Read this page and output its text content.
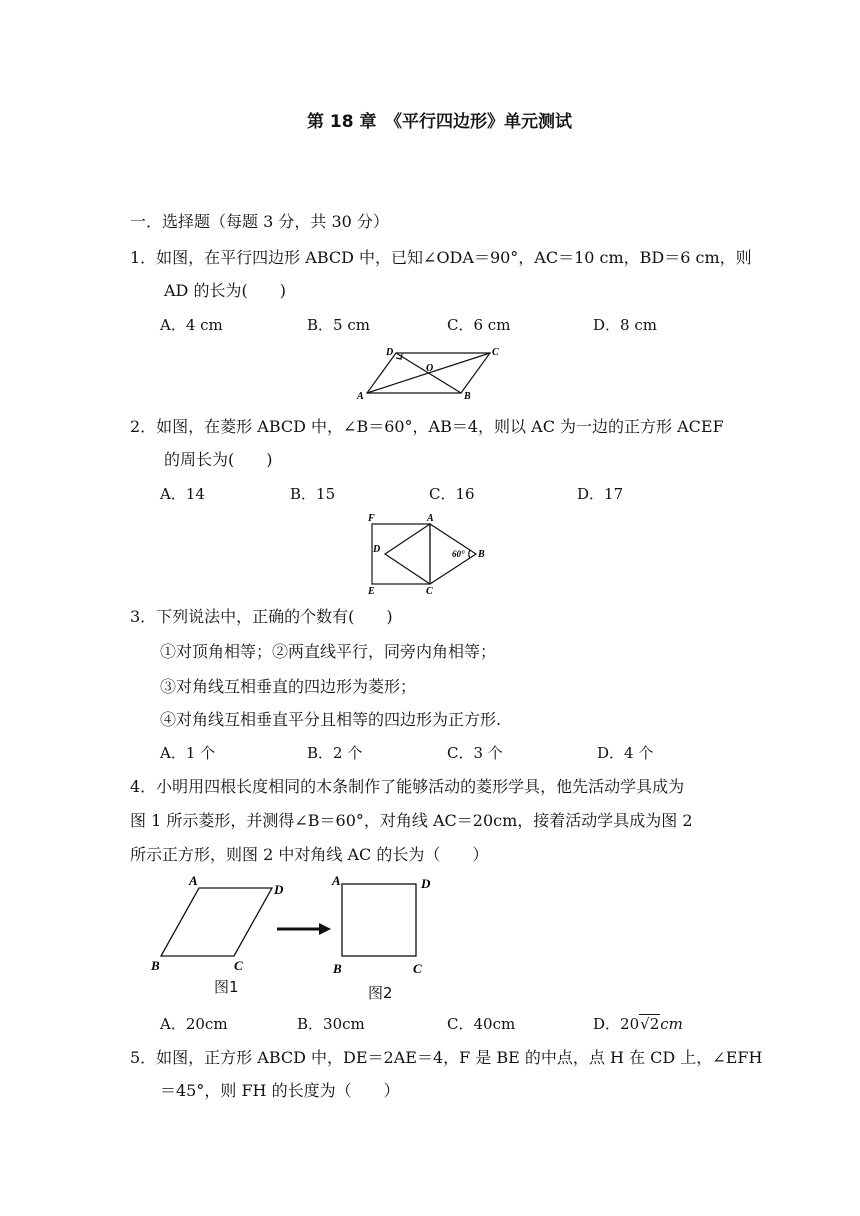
第 18 章　《平行四边形》单元测试
一．选择题（每题 3 分，共 30 分）
1．如图，在平行四边形 ABCD 中，已知∠ODA＝90°，AC＝10 cm，BD＝6 cm，则
AD 的长为(　　)
A．4 cm	B．5 cm	C．6 cm	D．8 cm
A
D	C
B
O
2．如图，在菱形 ABCD 中，∠B＝60°，AB＝4，则以 AC 为一边的正方形 ACEF
的周长为(　　)
A．14	B．15	C．16	D．17
F	A
D	B
E	C
60°
3．下列说法中，正确的个数有(　　)
①对顶角相等；②两直线平行，同旁内角相等；
③对角线互相垂直的四边形为菱形；
④对角线互相垂直平分且相等的四边形为正方形.
A．1 个	B．2 个	C．3 个	D．4 个
4．小明用四根长度相同的木条制作了能够活动的菱形学具，他先活动学具成为
图 1 所示菱形，并测得∠B＝60°，对角线 AC＝20cm，接着活动学具成为图 2
所示正方形，则图 2 中对角线 AC 的长为（　　）
A
D
B	C
A	D
B	C
图1	图2
A．20cm	B．30cm	C．40cm	D．20√2cm
5．如图，正方形 ABCD 中，DE＝2AE＝4，F 是 BE 的中点，点 H 在 CD 上，∠EFH
＝45°，则 FH 的长度为（　　）
